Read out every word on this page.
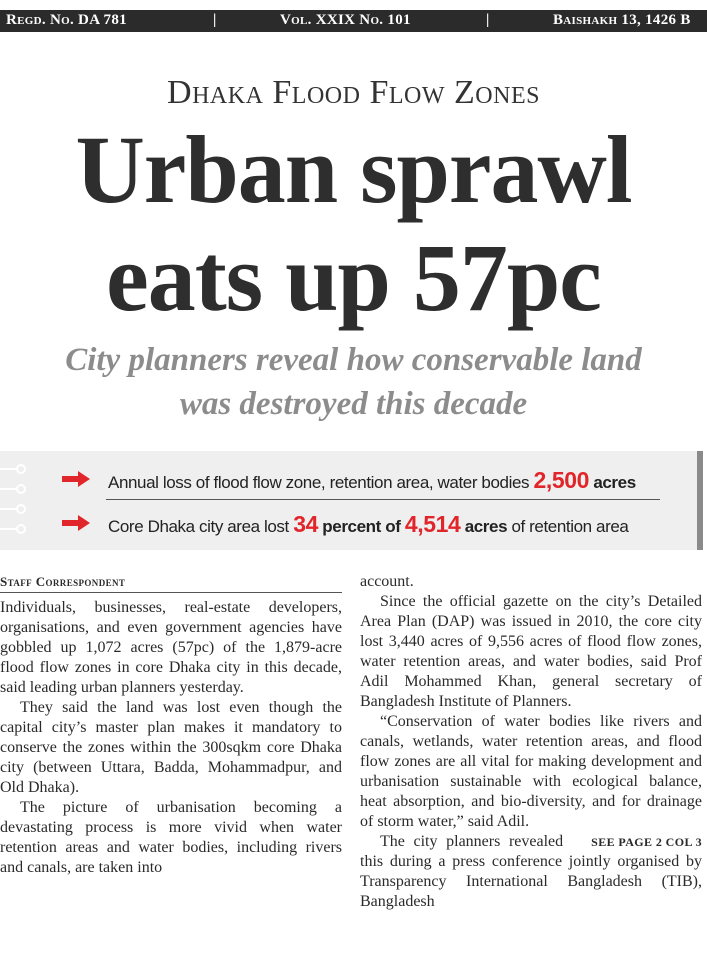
Regd. No. DA 781	|	Vol. XXIX No. 101	|	Baishakh 13, 1426 B
Dhaka Flood Flow Zones
Urban sprawl
eats up 57pc
City planners reveal how conservable land
was destroyed this decade
Annual loss of flood flow zone, retention area, water bodies 2,500 acres
Core Dhaka city area lost 34 percent of 4,514 acres of retention area
Staff Correspondent

Individuals, businesses, real-estate developers, organisations, and even government agencies have gobbled up 1,072 acres (57pc) of the 1,879-acre flood flow zones in core Dhaka city in this decade, said leading urban planners yesterday.

They said the land was lost even though the capital city’s master plan makes it mandatory to conserve the zones within the 300sqkm core Dhaka city (between Uttara, Badda, Mohammadpur, and Old Dhaka).

The picture of urbanisation becoming a devastating process is more vivid when water retention areas and water bodies, including rivers and canals, are taken into

account.

Since the official gazette on the city’s Detailed Area Plan (DAP) was issued in 2010, the core city lost 3,440 acres of 9,556 acres of flood flow zones, water retention areas, and water bodies, said Prof Adil Mohammed Khan, general secretary of Bangladesh Institute of Planners.

“Conservation of water bodies like rivers and canals, wetlands, water retention areas, and flood flow zones are all vital for making development and urbanisation sustainable with ecological balance, heat absorption, and bio-diversity, and for drainage of storm water,” said Adil.

SEE PAGE 2 COL 3
The city planners revealed this during a press conference jointly organised by Transparency International Bangladesh (TIB), Bangladesh
